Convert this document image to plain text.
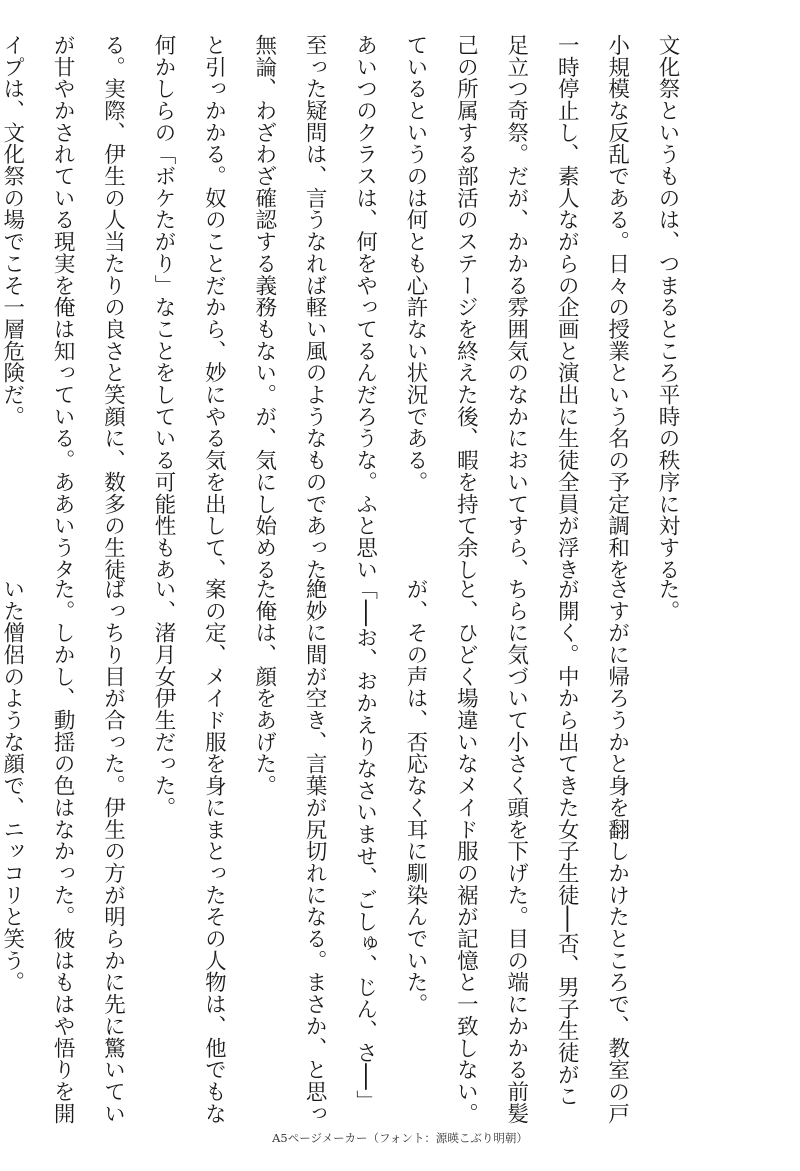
文化祭というものは、つまるところ平時の秩序に対する
小規模な反乱である。日々の授業という名の予定調和を
一時停止し、素人ながらの企画と演出に生徒全員が浮き
足立つ奇祭。だが、かかる雰囲気のなかにおいてすら、
己の所属する部活のステージを終えた後、暇を持て余し
ているというのは何とも心許ない状況である。
あいつのクラスは、何をやってるんだろうな。ふと思い
至った疑問は、言うなれば軽い風のようなものであった。
無論、わざわざ確認する義務もない。が、気にし始める
と引っかかる。奴のことだから、妙にやる気を出して、
何かしらの「ボケたがり」なことをしている可能性もあ
る。実際、伊生の人当たりの良さと笑顔に、数多の生徒
が甘やかされている現実を俺は知っている。ああいうタ
イプは、文化祭の場でこそ一層危険だ。
た。
さすがに帰ろうかと身を翻しかけたところで、教室の戸
が開く。中から出てきた女子生徒──否、男子生徒がこ
ちらに気づいて小さく頭を下げた。目の端にかかる前髪
と、ひどく場違いなメイド服の裾が記憶と一致しない。
が、その声は、否応なく耳に馴染んでいた。
「──お、おかえりなさいませ、ごしゅ、じん、さ──」
絶妙に間が空き、言葉が尻切れになる。まさか、と思っ
た俺は、顔をあげた。
案の定、メイド服を身にまとったその人物は、他でもな
い、渚月女伊生だった。
ばっちり目が合った。伊生の方が明らかに先に驚いてい
た。しかし、動揺の色はなかった。彼はもはや悟りを開
いた僧侶のような顔で、ニッコリと笑う。
A5ページメーカー（フォント：源暎こぶり明朝）
